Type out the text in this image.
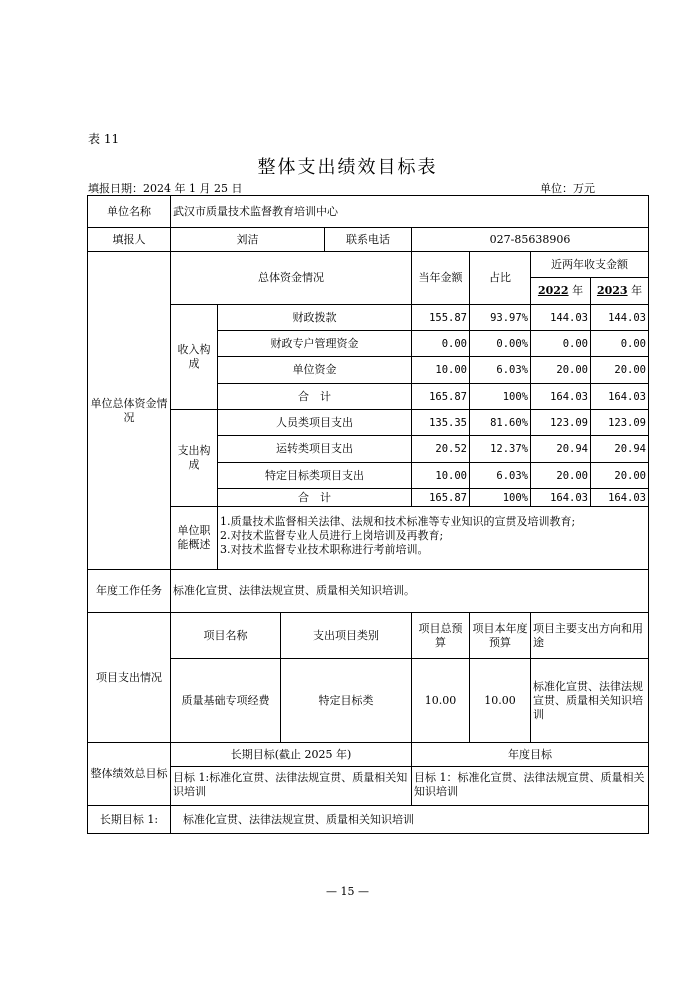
表 11
整体支出绩效目标表
填报日期：2024 年 1 月 25 日	单位：万元
单位名称	武汉市质量技术监督教育培训中心							
填报人	刘洁			联系电话	027-85638906			
单位总体资金情况	总体资金情况				当年金额	占比	近两年收支金额	
							2022 年	2023 年
	收入构成	财政拨款			155.87	93.97%	144.03	144.03
		财政专户管理资金			0.00	0.00%	0.00	0.00
		单位资金			10.00	6.03%	20.00	20.00
		合　计			165.87	100%	164.03	164.03
	支出构成	人员类项目支出			135.35	81.60%	123.09	123.09
		运转类项目支出			20.52	12.37%	20.94	20.94
		特定目标类项目支出			10.00	6.03%	20.00	20.00
		合　计			165.87	100%	164.03	164.03
	单位职能概述	1.质量技术监督相关法律、法规和技术标准等专业知识的宣贯及培训教育;
2.对技术监督专业人员进行上岗培训及再教育;
3.对技术监督专业技术职称进行考前培训。						

年度工作任务	标准化宣贯、法律法规宣贯、质量相关知识培训。							
项目支出情况	项目名称		支出项目类别		项目总预算	项目本年度预算	项目主要支出方向和用途	
	质量基础专项经费		特定目标类		10.00	10.00	标准化宣贯、法律法规宣贯、质量相关知识培训	
整体绩效总目标	长期目标(截止 2025 年)				年度目标			
	目标 1:标准化宣贯、法律法规宣贯、质量相关知识培训				目标 1：标准化宣贯、法律法规宣贯、质量相关知识培训			
长期目标 1:	标准化宣贯、法律法规宣贯、质量相关知识培训							
— 15 —
